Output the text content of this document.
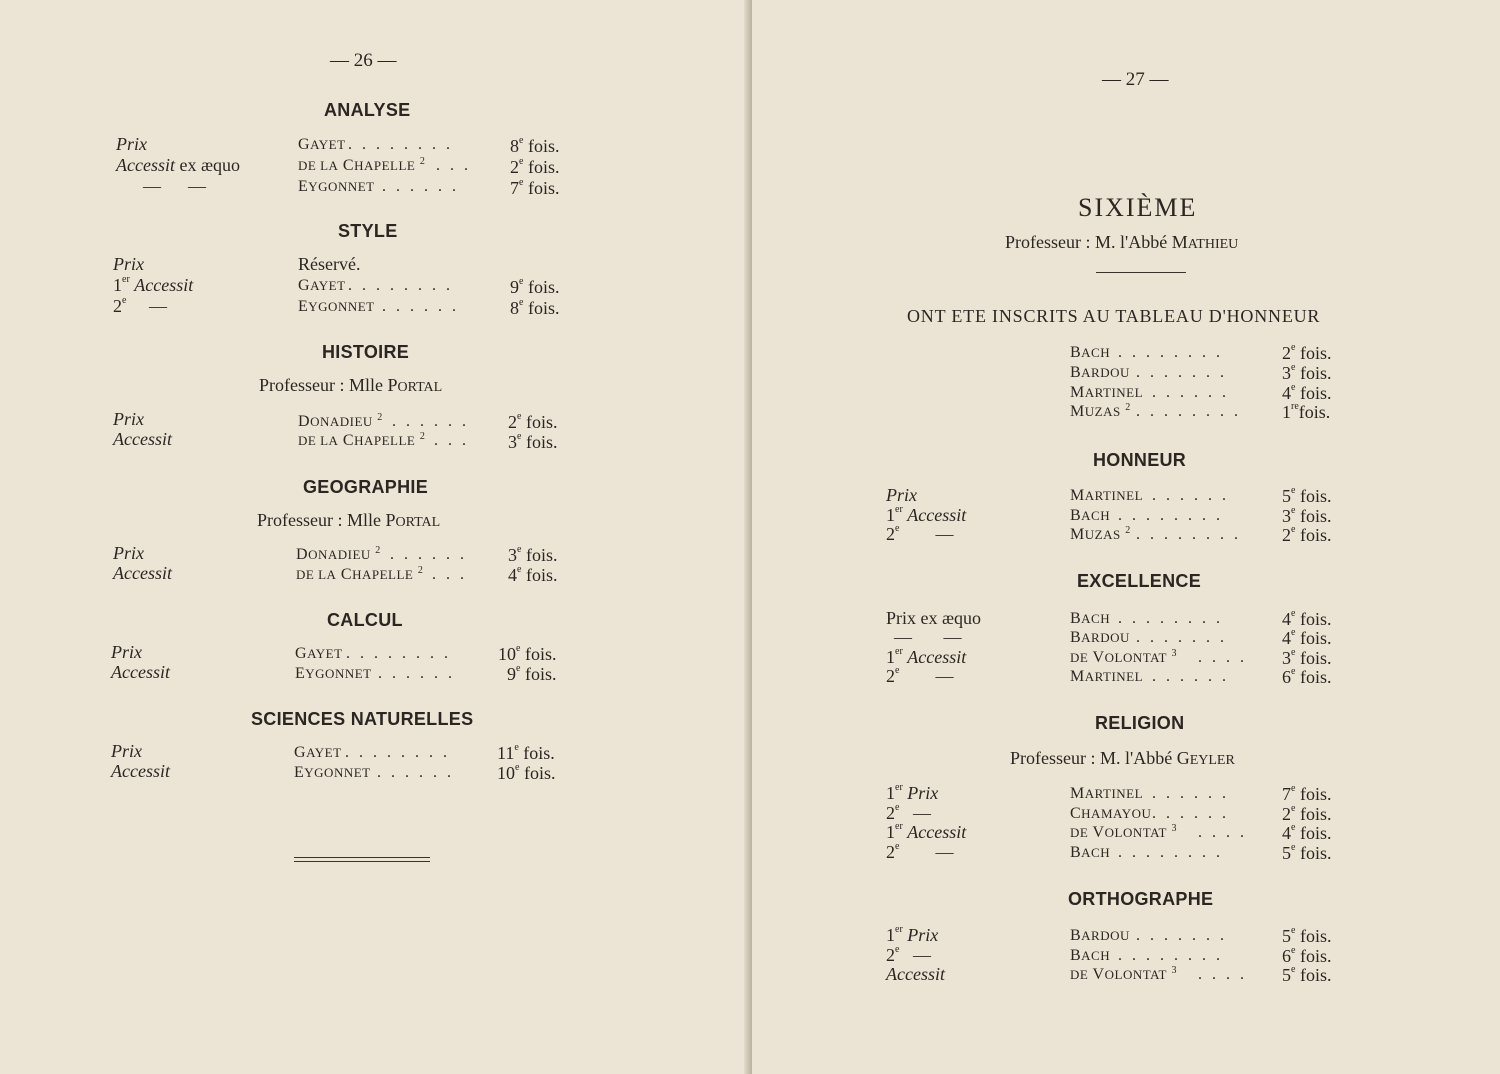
— 26 —
ANALYSE
Prix	GAYET . . . . . . . .	8e fois.
Accessit ex æquo	DE LA CHAPELLE $^2$ . . . 2e fois.
—      —	EYGONNET . . . . . .	7e fois.
STYLE
Prix	Réservé.
1er Accessit	GAYET . . . . . . . .	9e fois.
2e     —	EYGONNET . . . . . .	8e fois.
HISTOIRE
Professeur : Mlle PORTAL
Prix	DONADIEU $^2$ . . . . . . 2e fois.
Accessit	DE LA CHAPELLE $^2$ . . . 3e fois.
GEOGRAPHIE
Professeur : Mlle PORTAL
Prix	DONADIEU $^2$ . . . . . . 3e fois.
Accessit	DE LA CHAPELLE $^2$ . . . 4e fois.
CALCUL
Prix	GAYET . . . . . . . .	10e fois.
Accessit	EYGONNET . . . . . .	9e fois.
SCIENCES NATURELLES
Prix	GAYET . . . . . . . .	11e fois.
Accessit	EYGONNET . . . . . . 10e fois.
— 27 —
SIXIÈME
Professeur : M. l'Abbé MATHIEU
ONT ETE INSCRITS AU TABLEAU D'HONNEUR
BACH . . . . . . . .	2e fois.
BARDOU . . . . . . .	3e fois.
MARTINEL . . . . . .	4e fois.
MUZAS $^2$ . . . . . . . . 1refois.
HONNEUR
Prix	MARTINEL . . . . . .	5e fois.
1er Accessit	BACH . . . . . . . .	3e fois.
2e        —	MUZAS $^2$ . . . . . . . . 2e fois.
EXCELLENCE
Prix ex æquo	BACH . . . . . . . .	4e fois.
—       —	BARDOU . . . . . . .	4e fois.
1er Accessit	DE VOLONTAT $^3$ . . . . 3e fois.
2e        —	MARTINEL . . . . . .	6e fois.
RELIGION
Professeur : M. l'Abbé GEYLER
1er Prix	MARTINEL . . . . . .	7e fois.
2e   —	CHAMAYOU . . . . . .	2e fois.
1er Accessit	DE VOLONTAT $^3$ . . . . 4e fois.
2e        —	BACH . . . . . . . .	5e fois.
ORTHOGRAPHE
1er Prix	BARDOU . . . . . . .	5e fois.
2e   —	BACH . . . . . . . .	6e fois.
Accessit	DE VOLONTAT $^3$ . . . . 5e fois.
